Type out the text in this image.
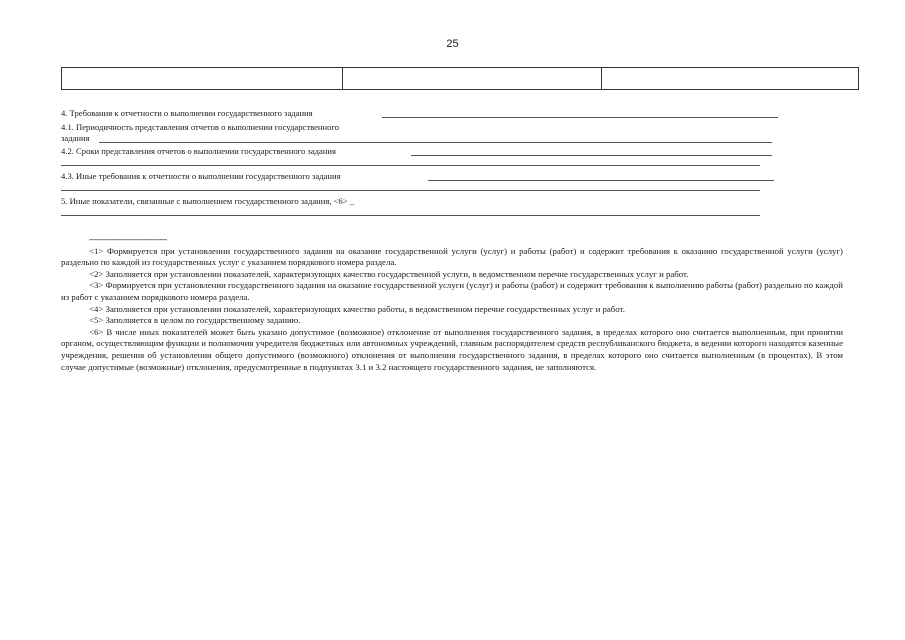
25
4. Требования к отчетности о выполнении государственного задания
4.1. Периодичность представления отчетов о выполнении государственного
задания
4.2. Сроки представления отчетов о выполнении государственного задания
4.3. Иные требования к отчетности о выполнении государственного задания
5. Иные показатели, связанные с выполнением государственного задания, <6> _
--------------------------------

<1> Формируется при установлении государственного задания на оказание государственной услуги (услуг) и работы (работ) и содержит требования к оказанию государственной услуги (услуг) раздельно по каждой из государственных услуг с указанием порядкового номера раздела.

<2> Заполняется при установлении показателей, характеризующих качество государственной услуги, в ведомственном перечне государственных услуг и работ.

<3> Формируется при установлении государственного задания на оказание государственной услуги (услуг) и работы (работ) и содержит требования к выполнению работы (работ) раздельно по каждой из работ с указанием порядкового номера раздела.

<4> Заполняется при установлении показателей, характеризующих качество работы, в ведомственном перечне государственных услуг и работ.

<5> Заполняется в целом по государственному заданию.

<6> В числе иных показателей может быть указано допустимое (возможное) отклонение от выполнения государственного задания, в пределах которого оно считается выполненным, при принятии органом, осуществляющим функции и полномочия учредителя бюджетных или автономных учреждений, главным распорядителем средств республиканского бюджета, в ведении которого находятся казенные учреждения, решения об установлении общего допустимого (возможного) отклонения от выполнения государственного задания, в пределах которого оно считается выполненным (в процентах). В этом случае допустимые (возможные) отклонения, предусмотренные в подпунктах 3.1 и 3.2 настоящего государственного задания, не заполняются.
